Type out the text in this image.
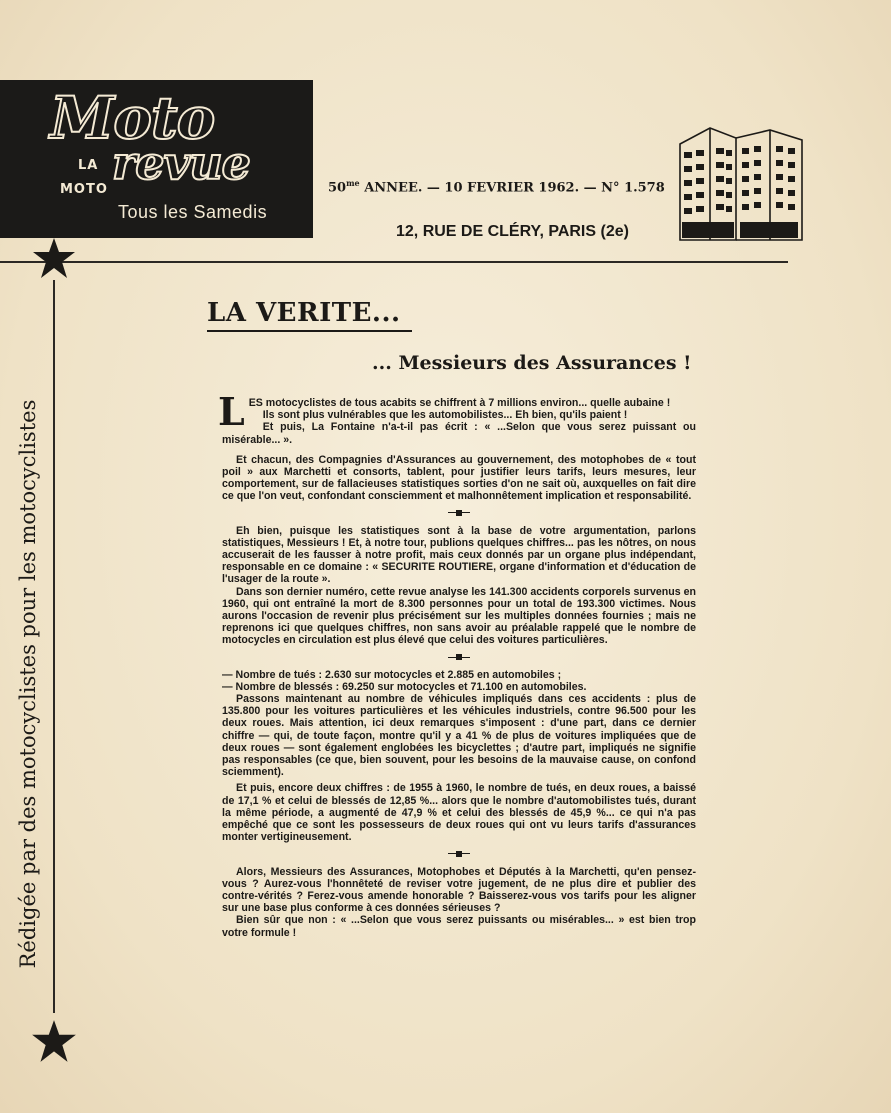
Moto
revue
LA
MOTO
Tous les Samedis
$50^{me}$ ANNEE. — 10 FEVRIER 1962. — N° 1.578
12, RUE DE CLÉRY, PARIS (2e)
Rédigée par des motocyclistes pour les motocyclistes
LA VERITE...
... Messieurs des Assurances !

LES motocyclistes de tous acabits se chiffrent à 7 millions environ... quelle aubaine !

Ils sont plus vulnérables que les automobilistes... Eh bien, qu'ils paient !

Et puis, La Fontaine n'a-t-il pas écrit : « ...Selon que vous serez puissant ou misérable... ».

Et chacun, des Compagnies d'Assurances au gouvernement, des motophobes de « tout poil » aux Marchetti et consorts, tablent, pour justifier leurs tarifs, leurs mesures, leur comportement, sur de fallacieuses statistiques sorties d'on ne sait où, auxquelles on fait dire ce que l'on veut, confondant consciemment et malhonnêtement implication et responsabilité.

Eh bien, puisque les statistiques sont à la base de votre argumentation, parlons statistiques, Messieurs ! Et, à notre tour, publions quelques chiffres... pas les nôtres, on nous accuserait de les fausser à notre profit, mais ceux donnés par un organe plus indépendant, responsable en ce domaine : « SECURITE ROUTIERE, organe d'information et d'éducation de l'usager de la route ».

Dans son dernier numéro, cette revue analyse les 141.300 accidents corporels survenus en 1960, qui ont entraîné la mort de 8.300 personnes pour un total de 193.300 victimes. Nous aurons l'occasion de revenir plus précisément sur les multiples données fournies ; mais ne reprenons ici que quelques chiffres, non sans avoir au préalable rappelé que le nombre de motocycles en circulation est plus élevé que celui des voitures particulières.

— Nombre de tués : 2.630 sur motocycles et 2.885 en automobiles ;

— Nombre de blessés : 69.250 sur motocycles et 71.100 en automobiles.

Passons maintenant au nombre de véhicules impliqués dans ces accidents : plus de 135.800 pour les voitures particulières et les véhicules industriels, contre 96.500 pour les deux roues. Mais attention, ici deux remarques s'imposent : d'une part, dans ce dernier chiffre — qui, de toute façon, montre qu'il y a 41 % de plus de voitures impliquées que de deux roues — sont également englobées les bicyclettes ; d'autre part, impliqués ne signifie pas responsables (ce que, bien souvent, pour les besoins de la mauvaise cause, on confond sciemment).

Et puis, encore deux chiffres : de 1955 à 1960, le nombre de tués, en deux roues, a baissé de 17,1 % et celui de blessés de 12,85 %... alors que le nombre d'automobilistes tués, durant la même période, a augmenté de 47,9 % et celui des blessés de 45,9 %... ce qui n'a pas empêché que ce sont les possesseurs de deux roues qui ont vu leurs tarifs d'assurances monter vertigineusement.

Alors, Messieurs des Assurances, Motophobes et Députés à la Marchetti, qu'en pensez-vous ? Aurez-vous l'honnêteté de reviser votre jugement, de ne plus dire et publier des contre-vérités ? Ferez-vous amende honorable ? Baisserez-vous vos tarifs pour les aligner sur une base plus conforme à ces données sérieuses ?

Bien sûr que non : « ...Selon que vous serez puissants ou misérables... » est bien trop votre formule !
